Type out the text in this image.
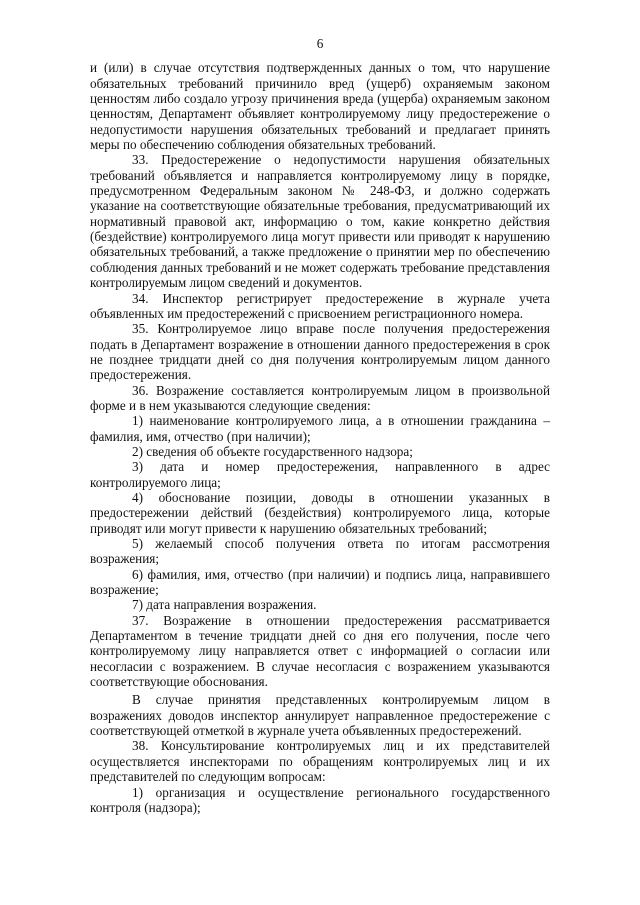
6

и (или) в случае отсутствия подтвержденных данных о том, что нарушение обязательных требований причинило вред (ущерб) охраняемым законом ценностям либо создало угрозу причинения вреда (ущерба) охраняемым законом ценностям, Департамент объявляет контролируемому лицу предостережение о недопустимости нарушения обязательных требований и предлагает принять меры по обеспечению соблюдения обязательных требований.

33. Предостережение о недопустимости нарушения обязательных требований объявляется и направляется контролируемому лицу в порядке, предусмотренном Федеральным законом № 248-ФЗ, и должно содержать указание на соответствующие обязательные требования, предусматривающий их нормативный правовой акт, информацию о том, какие конкретно действия (бездействие) контролируемого лица могут привести или приводят к нарушению обязательных требований, а также предложение о принятии мер по обеспечению соблюдения данных требований и не может содержать требование представления контролируемым лицом сведений и документов.

34. Инспектор регистрирует предостережение в журнале учета объявленных им предостережений с присвоением регистрационного номера.

35. Контролируемое лицо вправе после получения предостережения подать в Департамент возражение в отношении данного предостережения в срок не позднее тридцати дней со дня получения контролируемым лицом данного предостережения.

36. Возражение составляется контролируемым лицом в произвольной форме и в нем указываются следующие сведения:

1) наименование контролируемого лица, а в отношении гражданина – фамилия, имя, отчество (при наличии);

2) сведения об объекте государственного надзора;

3) дата и номер предостережения, направленного в адрес контролируемого лица;

4) обоснование позиции, доводы в отношении указанных в предостережении действий (бездействия) контролируемого лица, которые приводят или могут привести к нарушению обязательных требований;

5) желаемый способ получения ответа по итогам рассмотрения возражения;

6) фамилия, имя, отчество (при наличии) и подпись лица, направившего возражение;

7) дата направления возражения.

37. Возражение в отношении предостережения рассматривается Департаментом в течение тридцати дней со дня его получения, после чего контролируемому лицу направляется ответ с информацией о согласии или несогласии с возражением. В случае несогласия с возражением указываются соответствующие обоснования.

В случае принятия представленных контролируемым лицом в возражениях доводов инспектор аннулирует направленное предостережение с соответствующей отметкой в журнале учета объявленных предостережений.

38. Консультирование контролируемых лиц и их представителей осуществляется инспекторами по обращениям контролируемых лиц и их представителей по следующим вопросам:

1) организация и осуществление регионального государственного контроля (надзора);
